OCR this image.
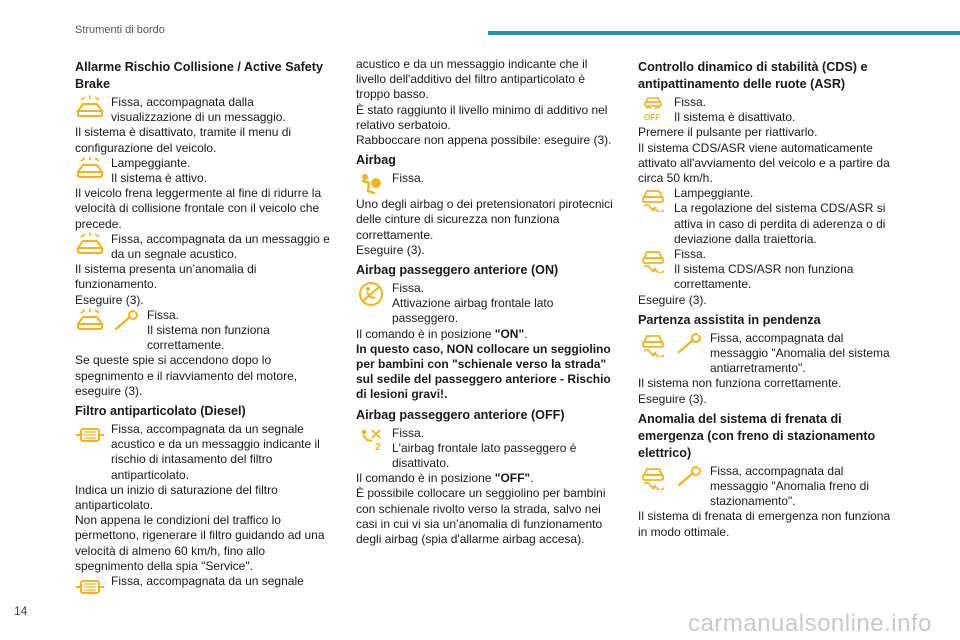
Strumenti di bordo
Allarme Rischio Collisione / Active Safety Brake
Fissa, accompagnata dalla visualizzazione di un messaggio.

Il sistema è disattivato, tramite il menu di configurazione del veicolo.

Lampeggiante.
Il sistema è attivo.

Il veicolo frena leggermente al fine di ridurre la velocità di collisione frontale con il veicolo che precede.

Fissa, accompagnata da un messaggio e da un segnale acustico.

Il sistema presenta un’anomalia di funzionamento.

Eseguire (3).

Fissa.
Il sistema non funziona correttamente.

Se queste spie si accendono dopo lo spegnimento e il riavviamento del motore, eseguire (3).

Filtro antiparticolato (Diesel)
Fissa, accompagnata da un segnale acustico e da un messaggio indicante il rischio di intasamento del filtro antiparticolato.

Indica un inizio di saturazione del filtro antiparticolato.

Non appena le condizioni del traffico lo permettono, rigenerare il filtro guidando ad una velocità di almeno 60 km/h, fino allo spegnimento della spia "Service".

Fissa, accompagnata da un segnale

acustico e da un messaggio indicante che il livello dell'additivo del filtro antiparticolato è troppo basso.

È stato raggiunto il livello minimo di additivo nel relativo serbatoio.

Rabboccare non appena possibile: eseguire (3).

Airbag
Fissa.

Uno degli airbag o dei pretensionatori pirotecnici delle cinture di sicurezza non funziona correttamente.

Eseguire (3).

Airbag passeggero anteriore (ON)
Fissa.
Attivazione airbag frontale lato passeggero.

Il comando è in posizione "ON".

In questo caso, NON collocare un seggiolino per bambini con "schienale verso la strada" sul sedile del passeggero anteriore - Rischio di lesioni gravi!.

Airbag passeggero anteriore (OFF)
Fissa.
L'airbag frontale lato passeggero è disattivato.

Il comando è in posizione "OFF".

È possibile collocare un seggiolino per bambini con schienale rivolto verso la strada, salvo nei casi in cui vi sia un’anomalia di funzionamento degli airbag (spia d'allarme airbag accesa).

Controllo dinamico di stabilità (CDS) e antipattinamento delle ruote (ASR)
OFF
Fissa.
Il sistema è disattivato.

Premere il pulsante per riattivarlo.

Il sistema CDS/ASR viene automaticamente attivato all'avviamento del veicolo e a partire da circa 50 km/h.

Lampeggiante.
La regolazione del sistema CDS/ASR si attiva in caso di perdita di aderenza o di deviazione dalla traiettoria.
Fissa.
Il sistema CDS/ASR non funziona correttamente.

Eseguire (3).

Partenza assistita in pendenza
Fissa, accompagnata dal messaggio "Anomalia del sistema antiarretramento".

Il sistema non funziona correttamente.

Eseguire (3).

Anomalia del sistema di frenata di emergenza (con freno di stazionamento elettrico)
Fissa, accompagnata dal messaggio "Anomalia freno di stazionamento".

Il sistema di frenata di emergenza non funziona in modo ottimale.

14	carmanualsonline.info
